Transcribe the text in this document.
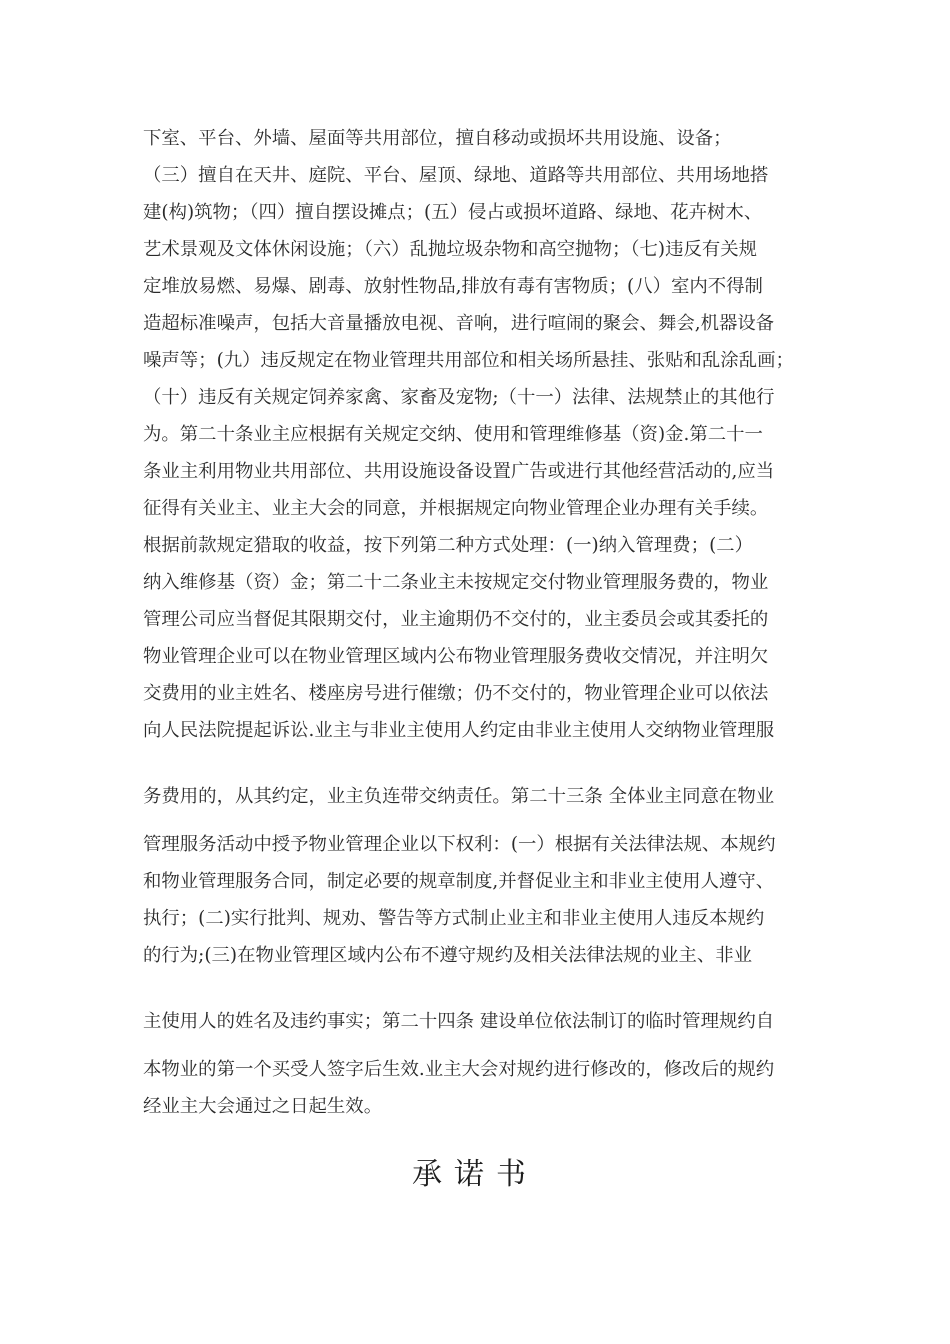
下室、平台、外墙、屋面等共用部位，擅自移动或损坏共用设施、设备；
（三）擅自在天井、庭院、平台、屋顶、绿地、道路等共用部位、共用场地搭
建(构)筑物；（四）擅自摆设摊点；(五）侵占或损坏道路、绿地、花卉树木、
艺术景观及文体休闲设施；（六）乱抛垃圾杂物和高空抛物；（七)违反有关规
定堆放易燃、易爆、剧毒、放射性物品,排放有毒有害物质；(八）室内不得制
造超标准噪声，包括大音量播放电视、音响，进行喧闹的聚会、舞会,机器设备
噪声等；(九）违反规定在物业管理共用部位和相关场所悬挂、张贴和乱涂乱画；
（十）违反有关规定饲养家禽、家畜及宠物;（十一）法律、法规禁止的其他行
为。第二十条业主应根据有关规定交纳、使用和管理维修基（资)金.第二十一
条业主利用物业共用部位、共用设施设备设置广告或进行其他经营活动的,应当
征得有关业主、业主大会的同意，并根据规定向物业管理企业办理有关手续。
根据前款规定猎取的收益，按下列第二种方式处理：(一)纳入管理费；(二）
纳入维修基（资）金；第二十二条业主未按规定交付物业管理服务费的，物业
管理公司应当督促其限期交付，业主逾期仍不交付的，业主委员会或其委托的
物业管理企业可以在物业管理区域内公布物业管理服务费收交情况，并注明欠
交费用的业主姓名、楼座房号进行催缴；仍不交付的，物业管理企业可以依法
向人民法院提起诉讼.业主与非业主使用人约定由非业主使用人交纳物业管理服
务费用的，从其约定，业主负连带交纳责任。第二十三条 全体业主同意在物业
管理服务活动中授予物业管理企业以下权利：(一）根据有关法律法规、本规约
和物业管理服务合同，制定必要的规章制度,并督促业主和非业主使用人遵守、
执行；(二)实行批判、规劝、警告等方式制止业主和非业主使用人违反本规约
的行为;(三)在物业管理区域内公布不遵守规约及相关法律法规的业主、非业
主使用人的姓名及违约事实；第二十四条 建设单位依法制订的临时管理规约自
本物业的第一个买受人签字后生效.业主大会对规约进行修改的，修改后的规约
经业主大会通过之日起生效。
承诺书
